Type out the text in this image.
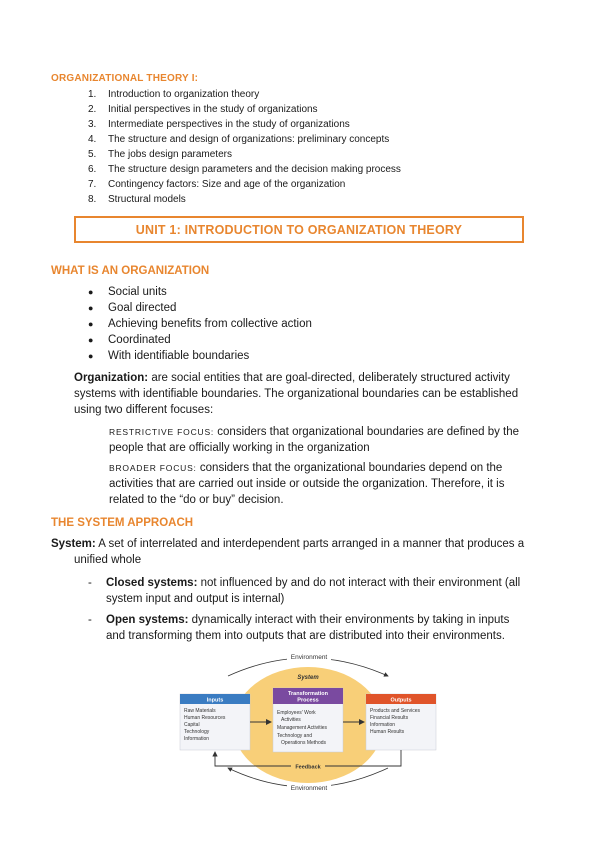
ORGANIZATIONAL THEORY I:
1.	Introduction to organization theory
2.	Initial perspectives in the study of organizations
3.	Intermediate perspectives in the study of organizations
4.	The structure and design of organizations: preliminary concepts
5.	The jobs design parameters
6.	The structure design parameters and the decision making process
7.	Contingency factors: Size and age of the organization
8.	Structural models
UNIT 1: INTRODUCTION TO ORGANIZATION THEORY
WHAT IS AN ORGANIZATION
●	Social units
●	Goal directed
●	Achieving benefits from collective action
●	Coordinated
●	With identifiable boundaries
Organization: are social entities that are goal-directed, deliberately structured activity
systems with identifiable boundaries. The organizational boundaries can be established
using two different focuses:
RESTRICTIVE FOCUS: considers that organizational boundaries are defined by the
people that are officially working in the organization
BROADER FOCUS: considers that the organizational boundaries depend on the
activities that are carried out inside or outside the organization. Therefore, it is
related to the “do or buy” decision.
THE SYSTEM APPROACH
System: A set of interrelated and interdependent parts arranged in a manner that produces a
unified whole
-	Closed systems: not influenced by and do not interact with their environment (all
system input and output is internal)
-	Open systems: dynamically interact with their environments by taking in inputs
and transforming them into outputs that are distributed into their environments.
Environment
Environment
System
Inputs
Raw Materials
Human Resources
Capital
Technology
Information
Transformation
Process
Employees' Work
Activities
Management Activities
Technology and
Operations Methods
Outputs
Products and Services
Financial Results
Information
Human Results
Feedback
